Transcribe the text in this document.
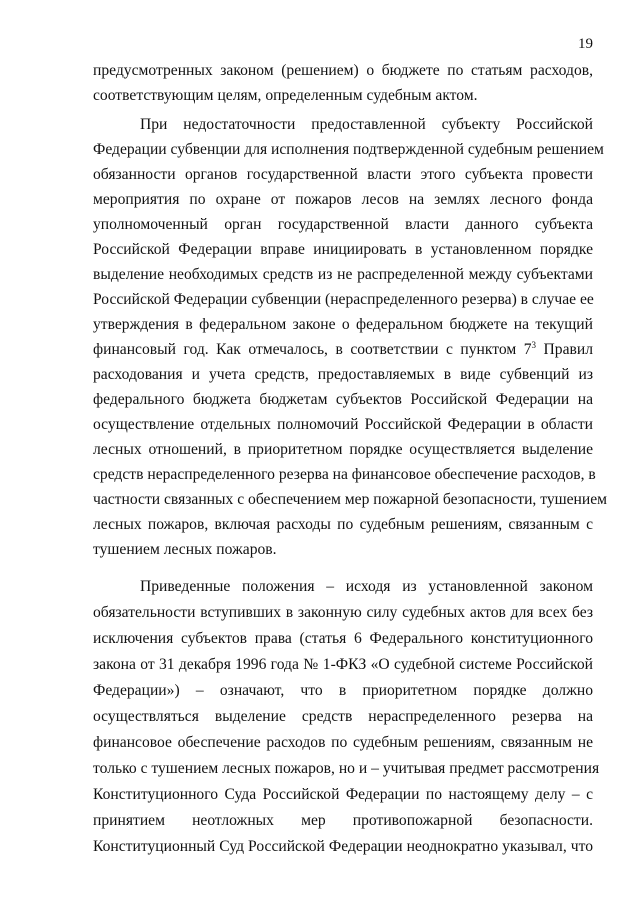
19
предусмотренных законом (решением) о бюджете по статьям расходов,
соответствующим целям, определенным судебным актом.
При недостаточности предоставленной субъекту Российской
Федерации субвенции для исполнения подтвержденной судебным решением
обязанности органов государственной власти этого субъекта провести
мероприятия по охране от пожаров лесов на землях лесного фонда
уполномоченный орган государственной власти данного субъекта
Российской Федерации вправе инициировать в установленном порядке
выделение необходимых средств из не распределенной между субъектами
Российской Федерации субвенции (нераспределенного резерва) в случае ее
утверждения в федеральном законе о федеральном бюджете на текущий
финансовый год. Как отмечалось, в соответствии с пунктом $7^3$ Правил
расходования и учета средств, предоставляемых в виде субвенций из
федерального бюджета бюджетам субъектов Российской Федерации на
осуществление отдельных полномочий Российской Федерации в области
лесных отношений, в приоритетном порядке осуществляется выделение
средств нераспределенного резерва на финансовое обеспечение расходов, в
частности связанных с обеспечением мер пожарной безопасности, тушением
лесных пожаров, включая расходы по судебным решениям, связанным с
тушением лесных пожаров.
Приведенные положения – исходя из установленной законом
обязательности вступивших в законную силу судебных актов для всех без
исключения субъектов права (статья 6 Федерального конституционного
закона от 31 декабря 1996 года № 1-ФКЗ «О судебной системе Российской
Федерации») – означают, что в приоритетном порядке должно
осуществляться выделение средств нераспределенного резерва на
финансовое обеспечение расходов по судебным решениям, связанным не
только с тушением лесных пожаров, но и – учитывая предмет рассмотрения
Конституционного Суда Российской Федерации по настоящему делу – с
принятием неотложных мер противопожарной безопасности.
Конституционный Суд Российской Федерации неоднократно указывал, что
